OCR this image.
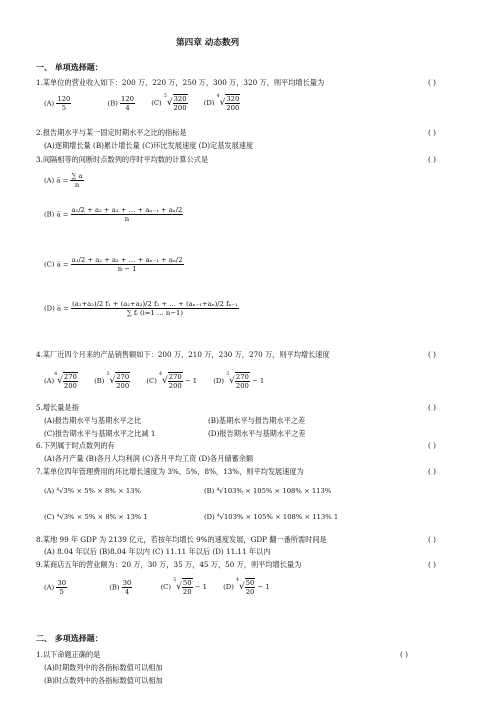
第四章 动态数列
一、 单项选择题：
1.某单位的营业收入如下：200 万，220 万，250 万，300 万，320 万，则平均增长量为	( )
$(A) \frac{120}{5}$	$(B) \frac{120}{4} (C)$ $^5√ \frac{320}{200} (D)$ $^4√ \frac{320}{200}$
2.报告期水平与某一固定时期水平之比的指标是	( )
(A)逐期增长量 (B)累计增长量 (C)环比发展速度 (D)定基发展速度
3.间隔相等的间断时点数列的序时平均数的计算公式是	( )
(A) a̅ = $\frac{\sum a}{n}$
(B) a̅ = $\frac{\text{a₁/2 + a₂ + a₃ + … + aₙ₋₁ + aₙ/2}}{n}$
(C) a̅ = $\frac{\text{a₁/2 + a₂ + a₃ + … + aₙ₋₁ + aₙ/2}}{n - 1}$
(D) a̅ = $\frac{\text{(a₁+a₂)/2 f₁ + (a₂+a₃)/2 f₂ + … + (aₙ₋₁+aₙ)/2 fₙ₋₁}}{\text{∑ fᵢ (i=1 … n−1)}}$
4.某厂近四个月来的产品销售额如下：200 万，210 万，230 万，270 万，则平均增长速度	( )
$(A)^4√ \frac{270}{200} (B)$ $^3√ \frac{270}{200} (C)$ $^4√ \frac{270}{200} - 1$ (D) $^3√ \frac{270}{200} - 1$
5.增长量是指	( )
(A)报告期水平与基期水平之比	(B)基期水平与报告期水平之差
(C)报告期水平与基期水平之比减 1	(D)报告期水平与基期水平之差
6.下列属于时点数列的有	( )
(A)各月产量 (B)各月人均利润 (C)各月平均工资 (D)各月储蓄余额
7.某单位四年管理费用的环比增长速度为 3%，5%，8%，13%，则平均发展速度为	( )
(A) ⁴√3% × 5% × 8% × 13%	(B) ⁴√103% × 105% × 108% × 113%
(C) ⁴√3% × 5% × 8% × 13% 1	(D) ⁴√103% × 105% × 108% × 113% 1
8.某地 99 年 GDP 为 2139 亿元，若按年均增长 9%的速度发展，GDP 翻一番所需时间是	( )
(A) 8.04 年以后 (B)8.04 年以内 (C) 11.11 年以后 (D) 11.11 年以内
9.某商店五年的营业额为：20 万，30 万，35 万，45 万，50 万，则平均增长量为	( )
$(A) \frac{30}{5}$	$(B) \frac{30}{4}$	(C) $^5√ \frac{50}{20} - 1$ (D) $^4√ \frac{50}{20} - 1$
二、 多项选择题：
1.以下命题正确的是	( )
(A)时期数列中的各指标数值可以相加
(B)时点数列中的各指标数值可以相加
